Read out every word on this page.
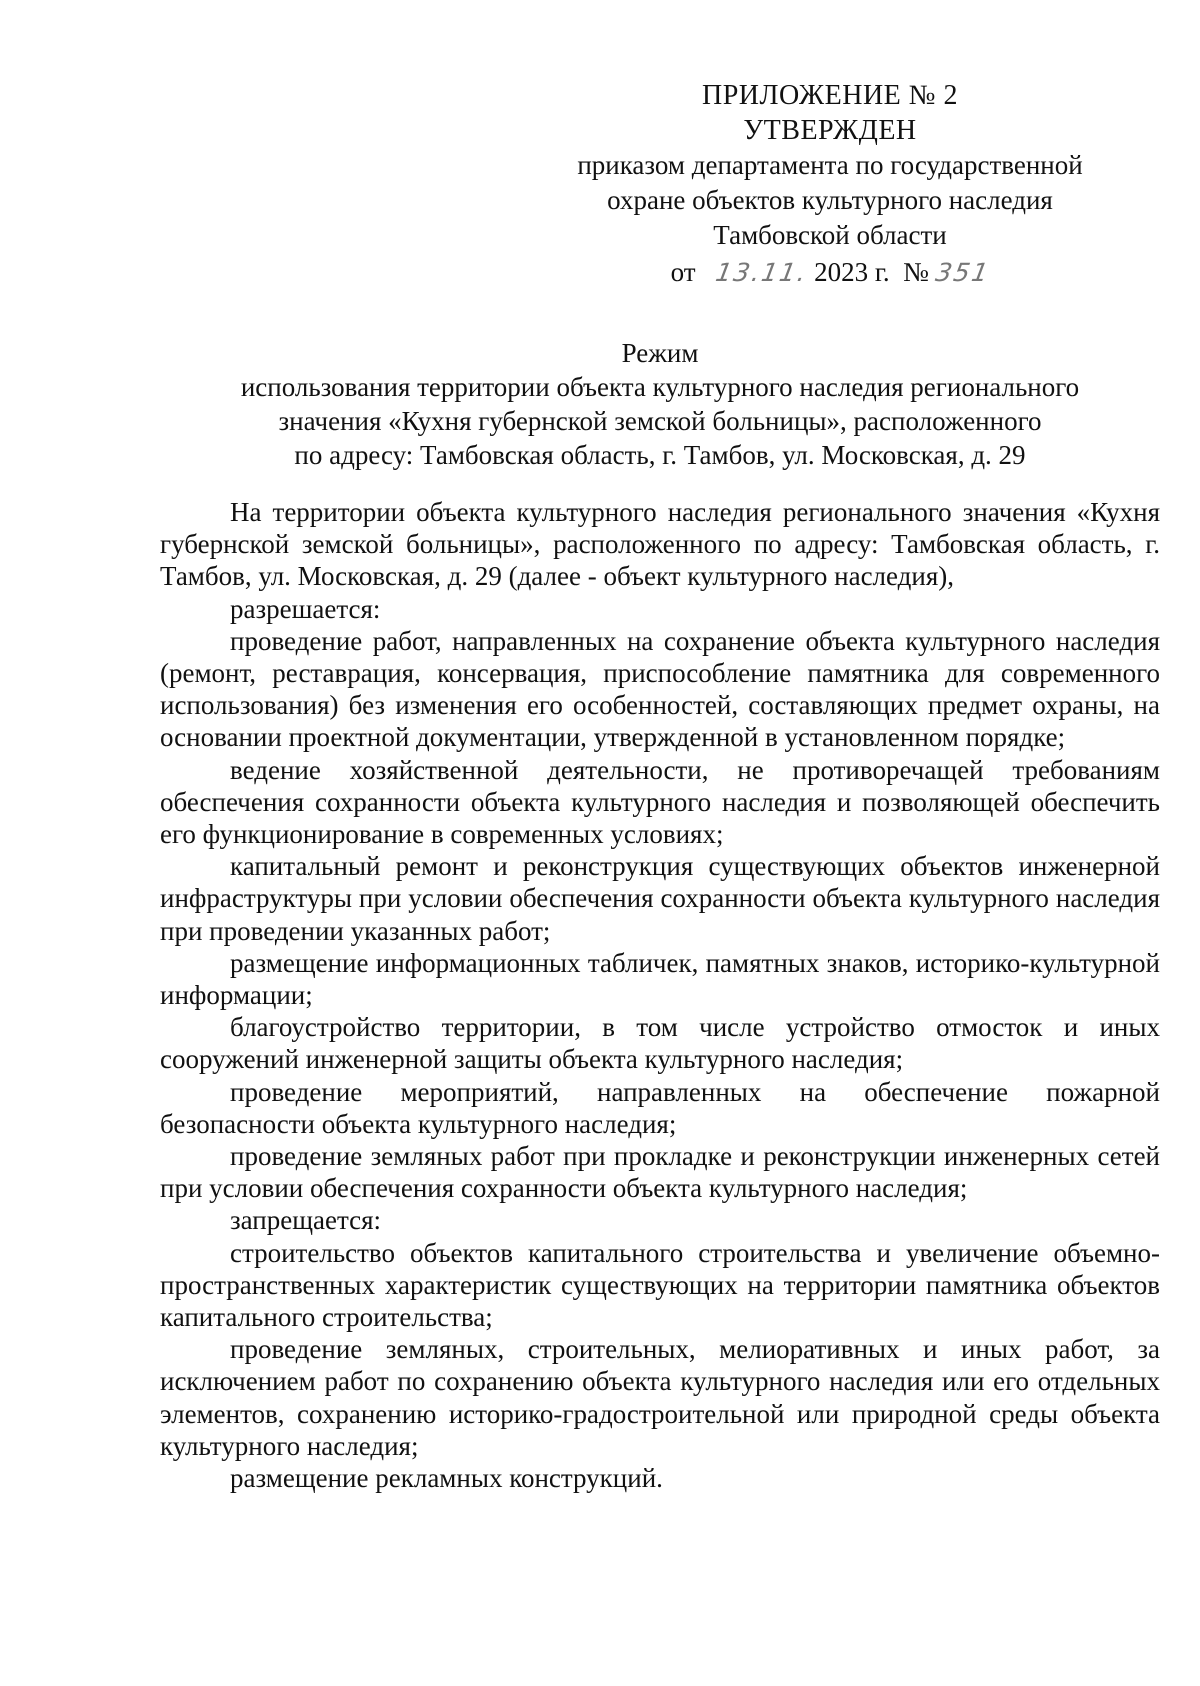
ПРИЛОЖЕНИЕ № 2
УТВЕРЖДЕН
приказом департамента по государственной
охране объектов культурного наследия
Тамбовской области
от 13.11. 2023 г. № 351
Режим
использования территории объекта культурного наследия регионального
значения «Кухня губернской земской больницы», расположенного
по адресу: Тамбовская область, г. Тамбов, ул. Московская, д. 29

На территории объекта культурного наследия регионального значения «Кухня губернской земской больницы», расположенного по адресу: Тамбовская область, г. Тамбов, ул. Московская, д. 29 (далее - объект культурного наследия),

разрешается:

проведение работ, направленных на сохранение объекта культурного наследия (ремонт, реставрация, консервация, приспособление памятника для современного использования) без изменения его особенностей, составляющих предмет охраны, на основании проектной документации, утвержденной в установленном порядке;

ведение хозяйственной деятельности, не противоречащей требованиям обеспечения сохранности объекта культурного наследия и позволяющей обеспечить его функционирование в современных условиях;

капитальный ремонт и реконструкция существующих объектов инженерной инфраструктуры при условии обеспечения сохранности объекта культурного наследия при проведении указанных работ;

размещение информационных табличек, памятных знаков, историко-культурной информации;

благоустройство территории, в том числе устройство отмосток и иных сооружений инженерной защиты объекта культурного наследия;

проведение мероприятий, направленных на обеспечение пожарной безопасности объекта культурного наследия;

проведение земляных работ при прокладке и реконструкции инженерных сетей при условии обеспечения сохранности объекта культурного наследия;

запрещается:

строительство объектов капитального строительства и увеличение объемно-пространственных характеристик существующих на территории памятника объектов капитального строительства;

проведение земляных, строительных, мелиоративных и иных работ, за исключением работ по сохранению объекта культурного наследия или его отдельных элементов, сохранению историко-градостроительной или природной среды объекта культурного наследия;

размещение рекламных конструкций.
